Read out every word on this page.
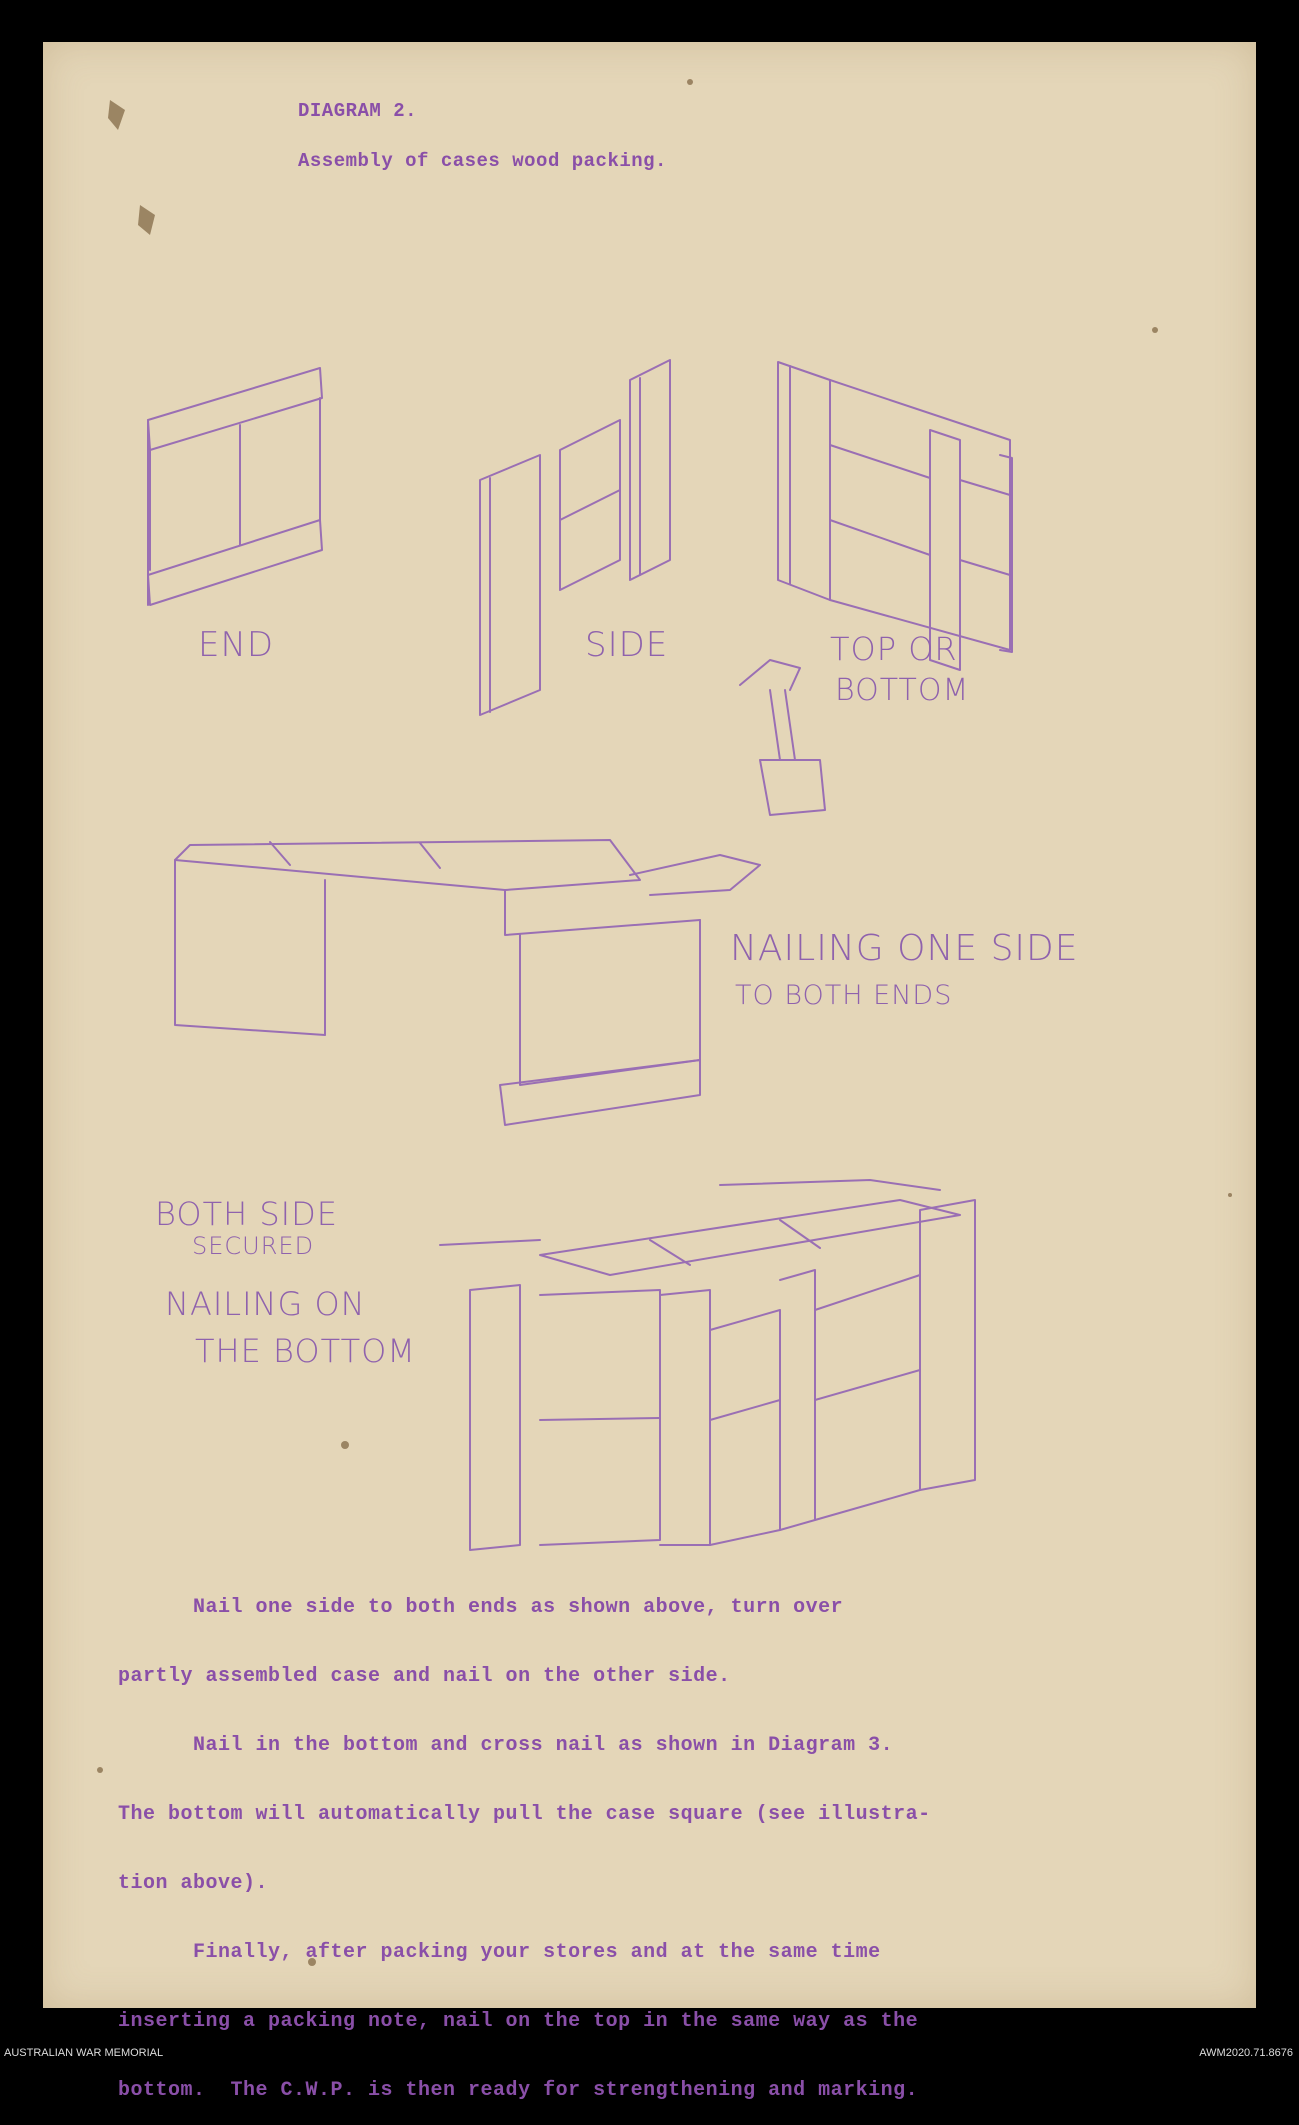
DIAGRAM 2.
Assembly of cases wood packing.
END	SIDE	TOP OR
BOTTOM
NAILING ONE SIDE
TO BOTH ENDS
BOTH SIDE
SECURED
NAILING ON
THE BOTTOM

Nail one side to both ends as shown above, turn over

partly assembled case and nail on the other side.

Nail in the bottom and cross nail as shown in Diagram 3.

The bottom will automatically pull the case square (see illustra-

tion above).

Finally, after packing your stores and at the same time

inserting a packing note, nail on the top in the same way as the

bottom.  The C.W.P. is then ready for strengthening and marking.

AUSTRALIAN WAR MEMORIAL	AWM2020.71.8676
